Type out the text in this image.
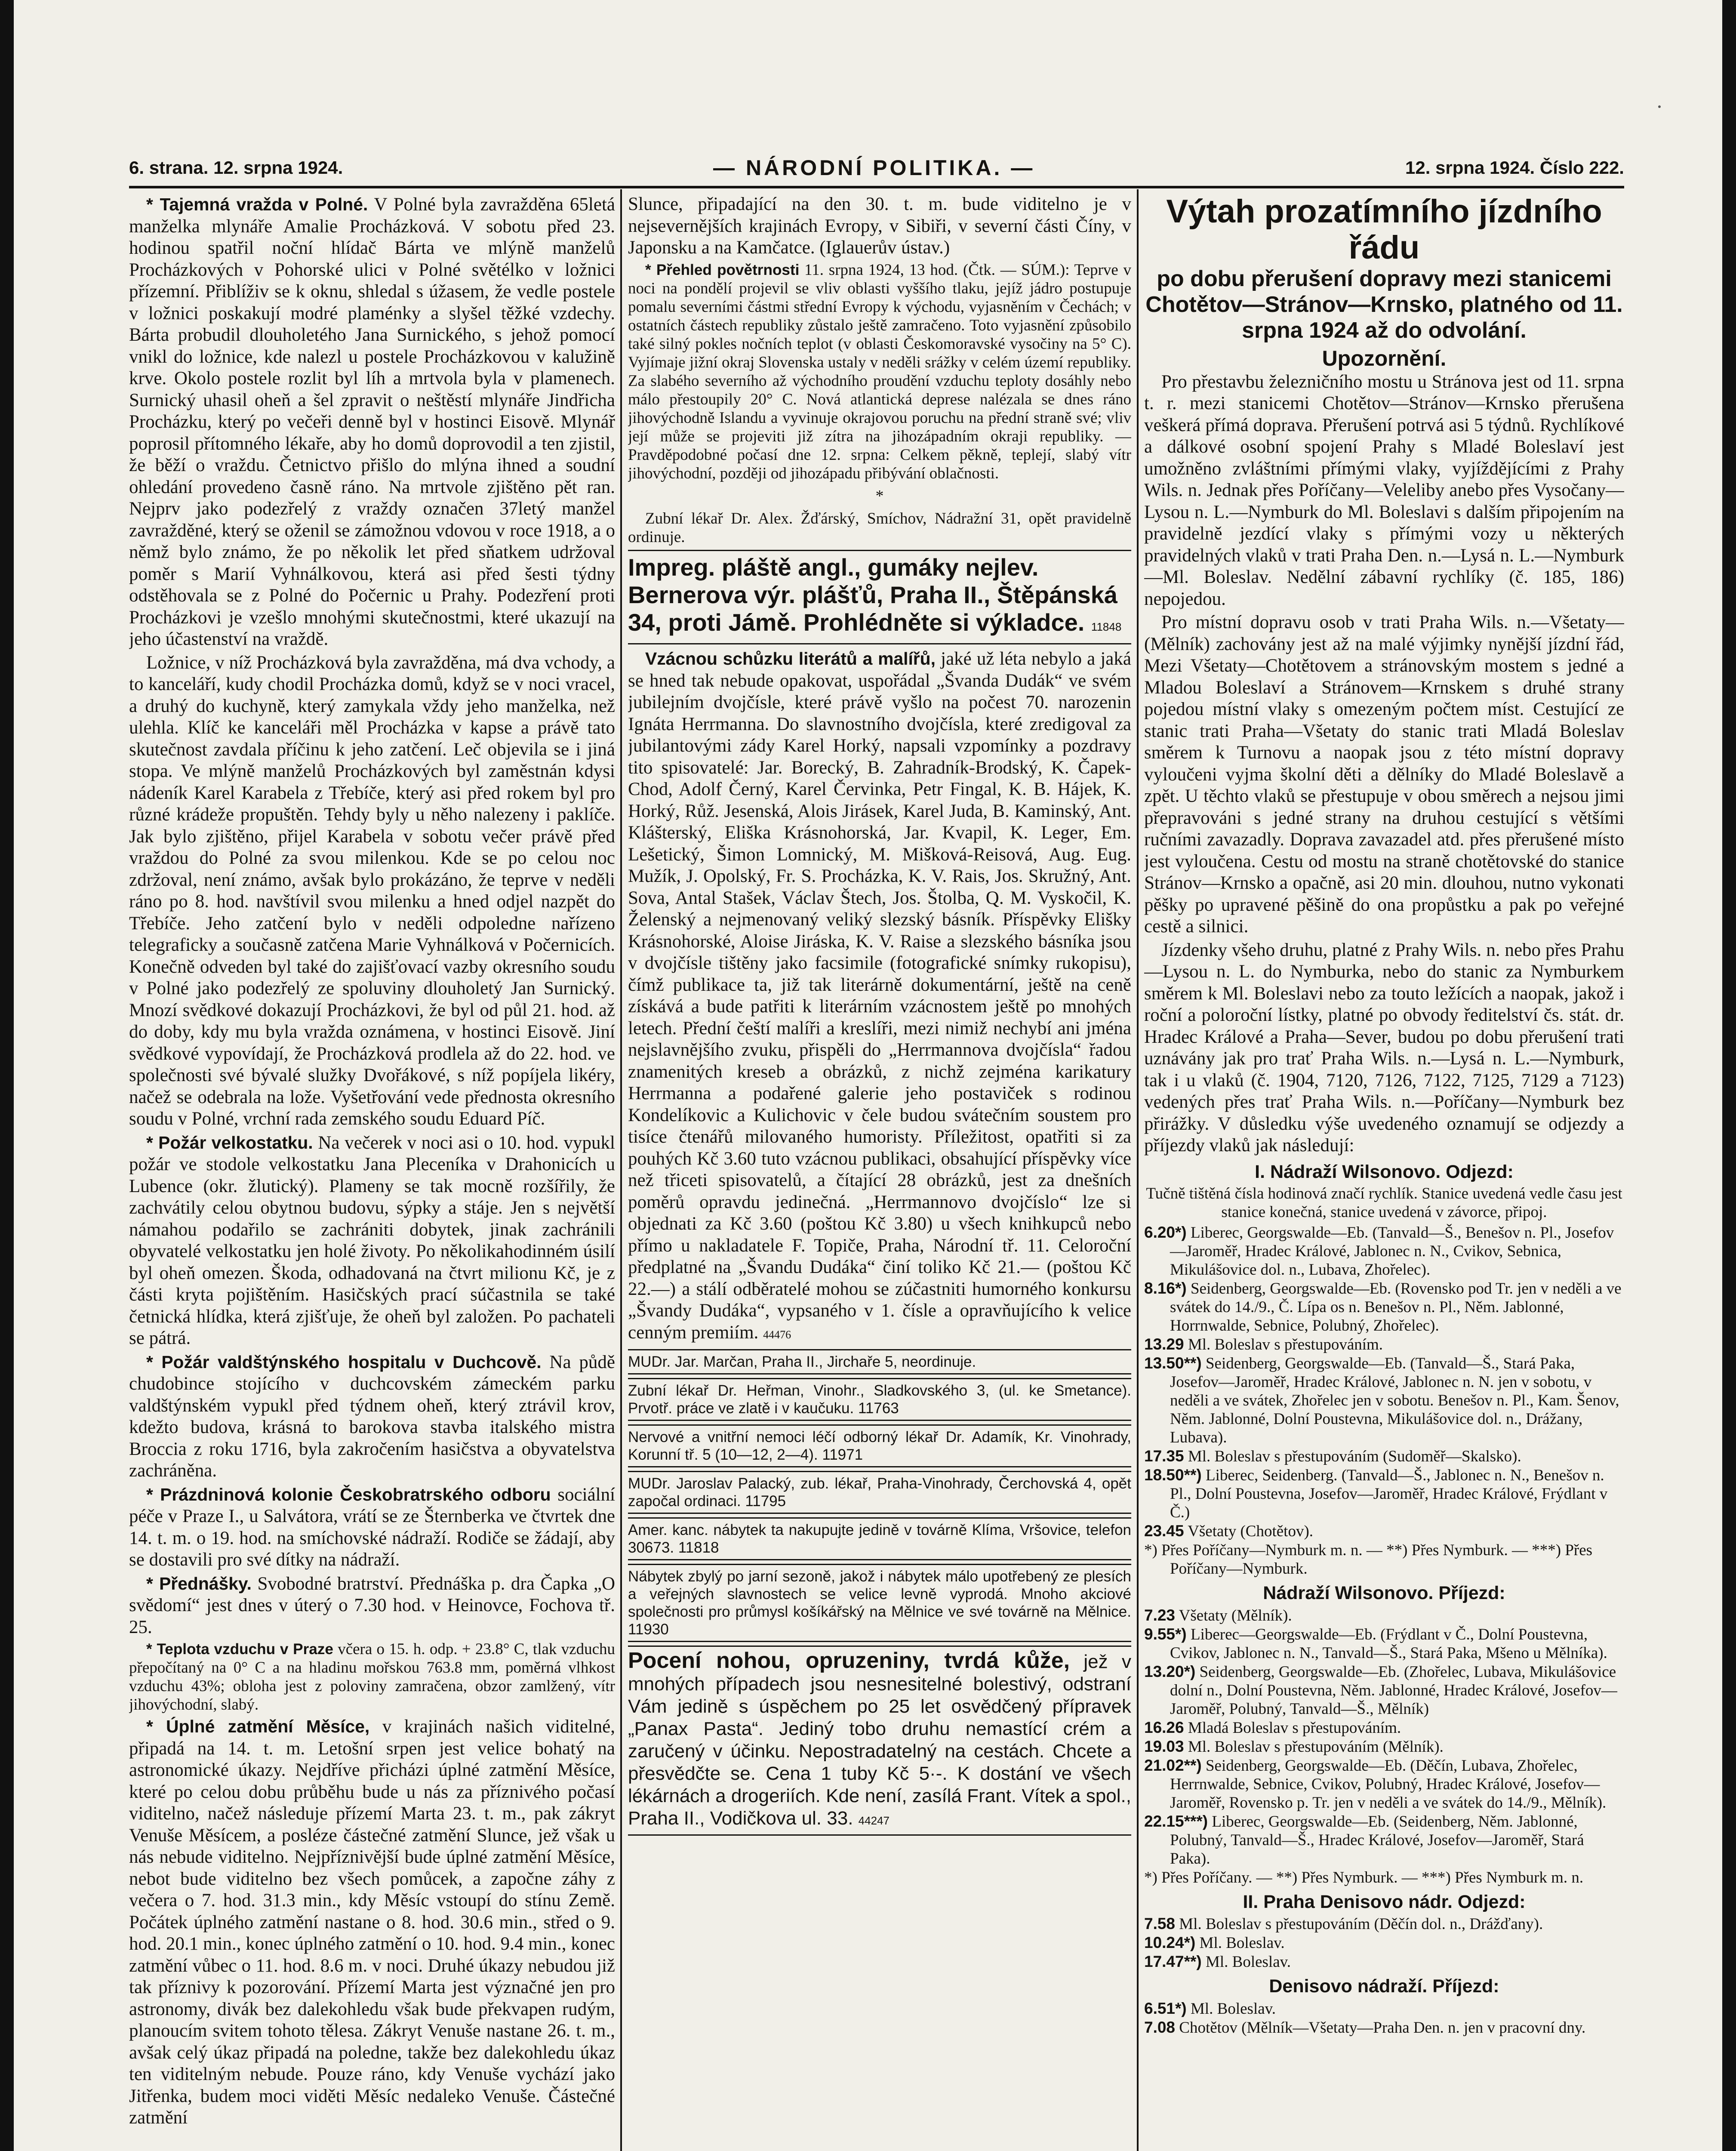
6. strana. 12. srpna 1924.	— NÁRODNÍ POLITIKA. —	12. srpna 1924. Číslo 222.

* Tajemná vražda v Polné. V Polné byla zavražděna 65letá manželka mlynáře Amalie Procházková. V sobotu před 23. hodinou spatřil noční hlídač Bárta ve mlýně manželů Procházkových v Pohorské ulici v Polné světélko v ložnici přízemní. Přiblíživ se k oknu, shledal s úžasem, že vedle postele v ložnici poskakují modré plaménky a slyšel těžké vzdechy. Bárta probudil dlouholetého Jana Surnického, s jehož pomocí vnikl do ložnice, kde nalezl u postele Procházkovou v kalužině krve. Okolo postele rozlit byl líh a mrtvola byla v plamenech. Surnický uhasil oheň a šel zpravit o neštěstí mlynáře Jindřicha Procházku, který po večeři denně byl v hostinci Eisově. Mlynář poprosil přítomného lékaře, aby ho domů doprovodil a ten zjistil, že běží o vraždu. Četnictvo přišlo do mlýna ihned a soudní ohledání provedeno časně ráno. Na mrtvole zjištěno pět ran. Nejprv jako podezřelý z vraždy označen 37letý manžel zavražděné, který se oženil se zámožnou vdovou v roce 1918, a o němž bylo známo, že po několik let před sňatkem udržoval poměr s Marií Vyhnálkovou, která asi před šesti týdny odstěhovala se z Polné do Počernic u Prahy. Podezření proti Procházkovi je vzešlo mnohými skutečnostmi, které ukazují na jeho účastenství na vraždě.

Ložnice, v níž Procházková byla zavražděna, má dva vchody, a to kanceláří, kudy chodil Procházka domů, když se v noci vracel, a druhý do kuchyně, který zamykala vždy jeho manželka, než ulehla. Klíč ke kanceláři měl Procházka v kapse a právě tato skutečnost zavdala příčinu k jeho zatčení. Leč objevila se i jiná stopa. Ve mlýně manželů Procházkových byl zaměstnán kdysi nádeník Karel Karabela z Třebíče, který asi před rokem byl pro různé krádeže propuštěn. Tehdy byly u něho nalezeny i paklíče. Jak bylo zjištěno, přijel Karabela v sobotu večer právě před vraždou do Polné za svou milenkou. Kde se po celou noc zdržoval, není známo, avšak bylo prokázáno, že teprve v neděli ráno po 8. hod. navštívil svou milenku a hned odjel nazpět do Třebíče. Jeho zatčení bylo v neděli odpoledne nařízeno telegraficky a současně zatčena Marie Vyhnálková v Počernicích. Konečně odveden byl také do zajišťovací vazby okresního soudu v Polné jako podezřelý ze spoluviny dlouholetý Jan Surnický. Mnozí svědkové dokazují Procházkovi, že byl od půl 21. hod. až do doby, kdy mu byla vražda oznámena, v hostinci Eisově. Jiní svědkové vypovídají, že Procházková prodlela až do 22. hod. ve společnosti své bývalé služky Dvořákové, s níž popíjela likéry, načež se odebrala na lože. Vyšetřování vede přednosta okresního soudu v Polné, vrchní rada zemského soudu Eduard Píč.

* Požár velkostatku. Na večerek v noci asi o 10. hod. vypukl požár ve stodole velkostatku Jana Pleceníka v Drahonicích u Lubence (okr. žlutický). Plameny se tak mocně rozšířily, že zachvátily celou obytnou budovu, sýpky a stáje. Jen s největší námahou podařilo se zachrániti dobytek, jinak zachránili obyvatelé velkostatku jen holé životy. Po několikahodinném úsilí byl oheň omezen. Škoda, odhadovaná na čtvrt milionu Kč, je z části kryta pojištěním. Hasičských prací súčastnila se také četnická hlídka, která zjišťuje, že oheň byl založen. Po pachateli se pátrá.

* Požár valdštýnského hospitalu v Duchcově. Na půdě chudobince stojícího v duchcovském zámeckém parku valdštýnském vypukl před týdnem oheň, který ztrávil krov, kdežto budova, krásná to barokova stavba italského mistra Broccia z roku 1716, byla zakročením hasičstva a obyvatelstva zachráněna.

* Prázdninová kolonie Českobratrského odboru sociální péče v Praze I., u Salvátora, vrátí se ze Šternberka ve čtvrtek dne 14. t. m. o 19. hod. na smíchovské nádraží. Rodiče se žádají, aby se dostavili pro své dítky na nádraží.

* Přednášky. Svobodné bratrství. Přednáška p. dra Čapka „O svědomí“ jest dnes v úterý o 7.30 hod. v Heinovce, Fochova tř. 25.

* Teplota vzduchu v Praze včera o 15. h. odp. + 23.8° C, tlak vzduchu přepočítaný na 0° C a na hladinu mořskou 763.8 mm, poměrná vlhkost vzduchu 43%; obloha jest z poloviny zamračena, obzor zamlžený, vítr jihovýchodní, slabý.

* Úplné zatmění Měsíce, v krajinách našich viditelné, připadá na 14. t. m. Letošní srpen jest velice bohatý na astronomické úkazy. Nejdříve přicházi úplné zatmění Měsíce, které po celou dobu průběhu bude u nás za příznivého počasí viditelno, načež následuje přízemí Marta 23. t. m., pak zákryt Venuše Měsícem, a posléze částečné zatmění Slunce, jež však u nás nebude viditelno. Nejpříznivější bude úplné zatmění Měsíce, nebot bude viditelno bez všech pomůcek, a započne záhy z večera o 7. hod. 31.3 min., kdy Měsíc vstoupí do stínu Země. Počátek úplného zatmění nastane o 8. hod. 30.6 min., střed o 9. hod. 20.1 min., konec úplného zatmění o 10. hod. 9.4 min., konec zatmění vůbec o 11. hod. 8.6 m. v noci. Druhé úkazy nebudou již tak příznivy k pozorování. Přízemí Marta jest význačné jen pro astronomy, divák bez dalekohledu však bude překvapen rudým, planoucím svitem tohoto tělesa. Zákryt Venuše nastane 26. t. m., avšak celý úkaz připadá na poledne, takže bez dalekohledu úkaz ten viditelným nebude. Pouze ráno, kdy Venuše vychází jako Jitřenka, budem moci viděti Měsíc nedaleko Venuše. Částečné zatmění

Slunce, připadající na den 30. t. m. bude viditelno je v nejsevernějších krajinách Evropy, v Sibiři, v severní části Číny, v Japonsku a na Kamčatce. (Iglauerův ústav.)

* Přehled povětrnosti 11. srpna 1924, 13 hod. (Čtk. — SÚM.): Teprve v noci na pondělí projevil se vliv oblasti vyššího tlaku, jejíž jádro postupuje pomalu severními částmi střední Evropy k východu, vyjasněním v Čechách; v ostatních částech republiky zůstalo ještě zamračeno. Toto vyjasnění způsobilo také silný pokles nočních teplot (v oblasti Českomoravské vysočiny na 5° C). Vyjímaje jižní okraj Slovenska ustaly v neděli srážky v celém území republiky. Za slabého severního až východního proudění vzduchu teploty dosáhly nebo málo přestoupily 20° C. Nová atlantická deprese nalézala se dnes ráno jihovýchodně Islandu a vyvinuje okrajovou poruchu na přední straně své; vliv její může se projeviti již zítra na jihozápadním okraji republiky. — Pravděpodobné počasí dne 12. srpna: Celkem pěkně, teplejí, slabý vítr jihovýchodní, později od jihozápadu přibývání oblačnosti.

*

Zubní lékař Dr. Alex. Žďárský, Smíchov, Nádražní 31, opět pravidelně ordinuje.

Impreg. pláště angl., gumáky nejlev. Bernerova výr. plášťů, Praha II., Štěpánská 34, proti Jámě. Prohlédněte si výkladce. 11848

Vzácnou schůzku literátů a malířů, jaké už léta nebylo a jaká se hned tak nebude opakovat, uspořádal „Švanda Dudák“ ve svém jubilejním dvojčísle, které právě vyšlo na počest 70. narozenin Ignáta Herrmanna. Do slavnostního dvojčísla, které zredigoval za jubilantovými zády Karel Horký, napsali vzpomínky a pozdravy tito spisovatelé: Jar. Borecký, B. Zahradník-Brodský, K. Čapek-Chod, Adolf Černý, Karel Červinka, Petr Fingal, K. B. Hájek, K. Horký, Růž. Jesenská, Alois Jirásek, Karel Juda, B. Kaminský, Ant. Klášterský, Eliška Krásnohorská, Jar. Kvapil, K. Leger, Em. Lešetický, Šimon Lomnický, M. Mišková-Reisová, Aug. Eug. Mužík, J. Opolský, Fr. S. Procházka, K. V. Rais, Jos. Skružný, Ant. Sova, Antal Stašek, Václav Štech, Jos. Štolba, Q. M. Vyskočil, K. Želenský a nejmenovaný veliký slezský básník. Příspěvky Elišky Krásnohorské, Aloise Jiráska, K. V. Raise a slezského básníka jsou v dvojčísle tištěny jako facsimile (fotografické snímky rukopisu), čímž publikace ta, již tak literárně dokumentární, ještě na ceně získává a bude patřiti k literárním vzácnostem ještě po mnohých letech. Přední čeští malíři a kreslíři, mezi nimiž nechybí ani jména nejslavnějšího zvuku, přispěli do „Herrmannova dvojčísla“ řadou znamenitých kreseb a obrázků, z nichž zejména karikatury Herrmanna a podařené galerie jeho postaviček s rodinou Kondelíkovic a Kulichovic v čele budou svátečním soustem pro tisíce čtenářů milovaného humoristy. Příležitost, opatřiti si za pouhých Kč 3.60 tuto vzácnou publikaci, obsahující příspěvky více než třiceti spisovatelů, a čítající 28 obrázků, jest za dnešních poměrů opravdu jedinečná. „Herrmannovo dvojčíslo“ lze si objednati za Kč 3.60 (poštou Kč 3.80) u všech knihkupců nebo přímo u nakladatele F. Topiče, Praha, Národní tř. 11. Celoroční předplatné na „Švandu Dudáka“ činí toliko Kč 21.— (poštou Kč 22.—) a stálí odběratelé mohou se zúčastniti humorného konkursu „Švandy Dudáka“, vypsaného v 1. čísle a opravňujícího k velice cenným premiím. 44476

MUDr. Jar. Marčan, Praha II., Jirchaře 5, neordinuje.
Zubní lékař Dr. Heřman, Vinohr., Sladkovského 3, (ul. ke Smetance). Prvotř. práce ve zlatě i v kaučuku. 11763
Nervové a vnitřní nemoci léčí odborný lékař Dr. Adamík, Kr. Vinohrady, Korunní tř. 5 (10—12, 2—4). 11971
MUDr. Jaroslav Palacký, zub. lékař, Praha-Vinohrady, Čerchovská 4, opět započal ordinaci. 11795
Amer. kanc. nábytek ta nakupujte jedině v továrně Klíma, Vršovice, telefon 30673. 11818
Nábytek zbylý po jarní sezoně, jakož i nábytek málo upotřebený ze plesích a veřejných slavnostech se velice levně vyprodá. Mnoho akciové společnosti pro průmysl košíkářský na Mělnice ve své továrně na Mělnice. 11930
Pocení nohou, opruzeniny, tvrdá kůže, jež v mnohých případech jsou nesnesitelné bolestivý, odstraní Vám jedině s úspěchem po 25 let osvědčený přípravek „Panax Pasta“. Jediný tobo druhu nemastící crém a zaručený v účinku. Nepostradatelný na cestách. Chcete a přesvědčte se. Cena 1 tuby Kč 5·-. K dostání ve všech lékárnách a drogeriích. Kde není, zasílá Frant. Vítek a spol., Praha II., Vodičkova ul. 33. 44247
Výtah prozatímního jízdního řádu
po dobu přerušení dopravy mezi stanicemi Chotětov—Stránov—Krnsko, platného od 11. srpna 1924 až do odvolání.

Upozornění.

Pro přestavbu železničního mostu u Stránova jest od 11. srpna t. r. mezi stanicemi Chotětov—Stránov—Krnsko přerušena veškerá přímá doprava. Přerušení potrvá asi 5 týdnů. Rychlíkové a dálkové osobní spojení Prahy s Mladé Boleslaví jest umožněno zvláštními přímými vlaky, vyjíždějícími z Prahy Wils. n. Jednak přes Poříčany—Veleliby anebo přes Vysočany—Lysou n. L.—Nymburk do Ml. Boleslavi s dalším připojením na pravidelně jezdící vlaky s přímými vozy u některých pravidelných vlaků v trati Praha Den. n.—Lysá n. L.—Nymburk—Ml. Boleslav. Nedělní zábavní rychlíky (č. 185, 186) nepojedou.

Pro místní dopravu osob v trati Praha Wils. n.—Všetaty—(Mělník) zachovány jest až na malé výjimky nynější jízdní řád, Mezi Všetaty—Chotětovem a stránovským mostem s jedné a Mladou Boleslaví a Stránovem—Krnskem s druhé strany pojedou místní vlaky s omezeným počtem míst. Cestující ze stanic trati Praha—Všetaty do stanic trati Mladá Boleslav směrem k Turnovu a naopak jsou z této místní dopravy vyloučeni vyjma školní děti a dělníky do Mladé Boleslavě a zpět. U těchto vlaků se přestupuje v obou směrech a nejsou jimi přepravováni s jedné strany na druhou cestující s většími ručními zavazadly. Doprava zavazadel atd. přes přerušené místo jest vyloučena. Cestu od mostu na straně chotětovské do stanice Stránov—Krnsko a opačně, asi 20 min. dlouhou, nutno vykonati pěšky po upravené pěšině do ona propůstku a pak po veřejné cestě a silnici.

Jízdenky všeho druhu, platné z Prahy Wils. n. nebo přes Prahu—Lysou n. L. do Nymburka, nebo do stanic za Nymburkem směrem k Ml. Boleslavi nebo za touto ležících a naopak, jakož i roční a poloroční lístky, platné po obvody ředitelství čs. stát. dr. Hradec Králové a Praha—Sever, budou po dobu přerušení trati uznávány jak pro trať Praha Wils. n.—Lysá n. L.—Nymburk, tak i u vlaků (č. 1904, 7120, 7126, 7122, 7125, 7129 a 7123) vedených přes trať Praha Wils. n.—Poříčany—Nymburk bez přirážky. V důsledku výše uvedeného oznamují se odjezdy a příjezdy vlaků jak následují:

I. Nádraží Wilsonovo. Odjezd:

Tučně tištěná čísla hodinová značí rychlík. Stanice uvedená vedle času jest stanice konečná, stanice uvedená v závorce, připoj.

6.20*) Liberec, Georgswalde—Eb. (Tanvald—Š., Benešov n. Pl., Josefov—Jaroměř, Hradec Králové, Jablonec n. N., Cvikov, Sebnica, Mikulášovice dol. n., Lubava, Zhořelec).

8.16*) Seidenberg, Georgswalde—Eb. (Rovensko pod Tr. jen v neděli a ve svátek do 14./9., Č. Lípa os n. Benešov n. Pl., Něm. Jablonné, Horrnwalde, Sebnice, Polubný, Zhořelec).

13.29 Ml. Boleslav s přestupováním.

13.50**) Seidenberg, Georgswalde—Eb. (Tanvald—Š., Stará Paka, Josefov—Jaroměř, Hradec Králové, Jablonec n. N. jen v sobotu, v neděli a ve svátek, Zhořelec jen v sobotu. Benešov n. Pl., Kam. Šenov, Něm. Jablonné, Dolní Poustevna, Mikulášovice dol. n., Drážany, Lubava).

17.35 Ml. Boleslav s přestupováním (Sudoměř—Skalsko).

18.50**) Liberec, Seidenberg. (Tanvald—Š., Jablonec n. N., Benešov n. Pl., Dolní Poustevna, Josefov—Jaroměř, Hradec Králové, Frýdlant v Č.)

23.45 Všetaty (Chotětov).

*) Přes Poříčany—Nymburk m. n. — **) Přes Nymburk. — ***) Přes Poříčany—Nymburk.

Nádraží Wilsonovo. Příjezd:

7.23 Všetaty (Mělník).

9.55*) Liberec—Georgswalde—Eb. (Frýdlant v Č., Dolní Poustevna, Cvikov, Jablonec n. N., Tanvald—Š., Stará Paka, Mšeno u Mělníka).

13.20*) Seidenberg, Georgswalde—Eb. (Zhořelec, Lubava, Mikulášovice dolní n., Dolní Poustevna, Něm. Jablonné, Hradec Králové, Josefov—Jaroměř, Polubný, Tanvald—Š., Mělník)

16.26 Mladá Boleslav s přestupováním.

19.03 Ml. Boleslav s přestupováním (Mělník).

21.02**) Seidenberg, Georgswalde—Eb. (Děčín, Lubava, Zhořelec, Herrnwalde, Sebnice, Cvikov, Polubný, Hradec Králové, Josefov—Jaroměř, Rovensko p. Tr. jen v neděli a ve svátek do 14./9., Mělník).

22.15***) Liberec, Georgswalde—Eb. (Seidenberg, Něm. Jablonné, Polubný, Tanvald—Š., Hradec Králové, Josefov—Jaroměř, Stará Paka).

*) Přes Poříčany. — **) Přes Nymburk. — ***) Přes Nymburk m. n.

II. Praha Denisovo nádr. Odjezd:

7.58 Ml. Boleslav s přestupováním (Děčín dol. n., Drážďany).

10.24*) Ml. Boleslav.

17.47**) Ml. Boleslav.

Denisovo nádraží. Příjezd:

6.51*) Ml. Boleslav.

7.08 Chotětov (Mělník—Všetaty—Praha Den. n. jen v pracovní dny.
